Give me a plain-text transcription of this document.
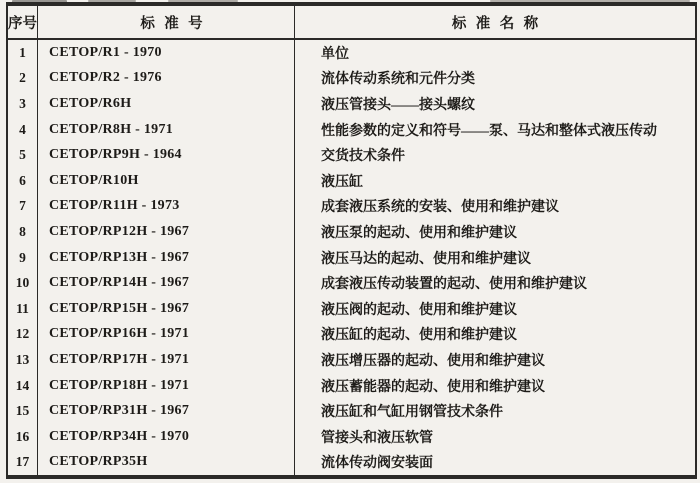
序号	标准号	标准名称
1	CETOP/R1 - 1970	单位
2	CETOP/R2 - 1976	流体传动系统和元件分类
3	CETOP/R6H	液压管接头——接头螺纹
4	CETOP/R8H - 1971	性能参数的定义和符号——泵、马达和整体式液压传动
5	CETOP/RP9H - 1964	交货技术条件
6	CETOP/R10H	液压缸
7	CETOP/R11H - 1973	成套液压系统的安装、使用和维护建议
8	CETOP/RP12H - 1967	液压泵的起动、使用和维护建议
9	CETOP/RP13H - 1967	液压马达的起动、使用和维护建议
10	CETOP/RP14H - 1967	成套液压传动装置的起动、使用和维护建议
11	CETOP/RP15H - 1967	液压阀的起动、使用和维护建议
12	CETOP/RP16H - 1971	液压缸的起动、使用和维护建议
13	CETOP/RP17H - 1971	液压增压器的起动、使用和维护建议
14	CETOP/RP18H - 1971	液压蓄能器的起动、使用和维护建议
15	CETOP/RP31H - 1967	液压缸和气缸用钢管技术条件
16	CETOP/RP34H - 1970	管接头和液压软管
17	CETOP/RP35H	流体传动阀安装面
